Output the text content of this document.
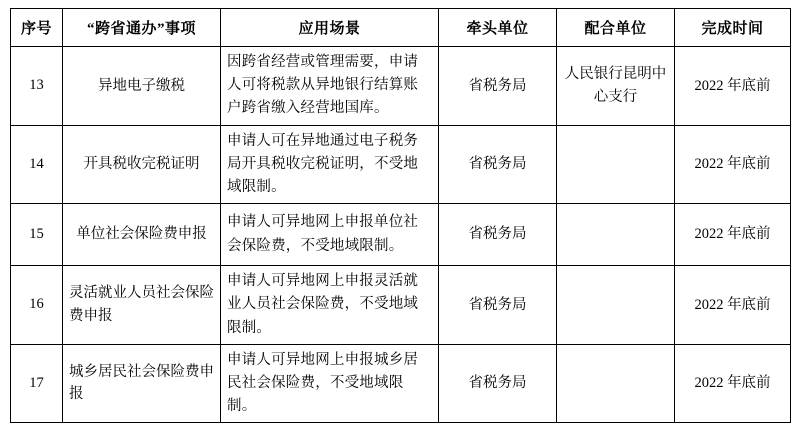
序号	“跨省通办”事项	应用场景	牵头单位	配合单位	完成时间
13	异地电子缴税	因跨省经营或管理需要，申请人可将税款从异地银行结算账户跨省缴入经营地国库。	省税务局	人民银行昆明中心支行	2022 年底前
14	开具税收完税证明	申请人可在异地通过电子税务局开具税收完税证明，不受地域限制。	省税务局		2022 年底前
15	单位社会保险费申报	申请人可异地网上申报单位社会保险费，不受地域限制。	省税务局		2022 年底前
16	灵活就业人员社会保险费申报	申请人可异地网上申报灵活就业人员社会保险费，不受地域限制。	省税务局		2022 年底前
17	城乡居民社会保险费申报	申请人可异地网上申报城乡居民社会保险费，不受地域限制。	省税务局		2022 年底前
